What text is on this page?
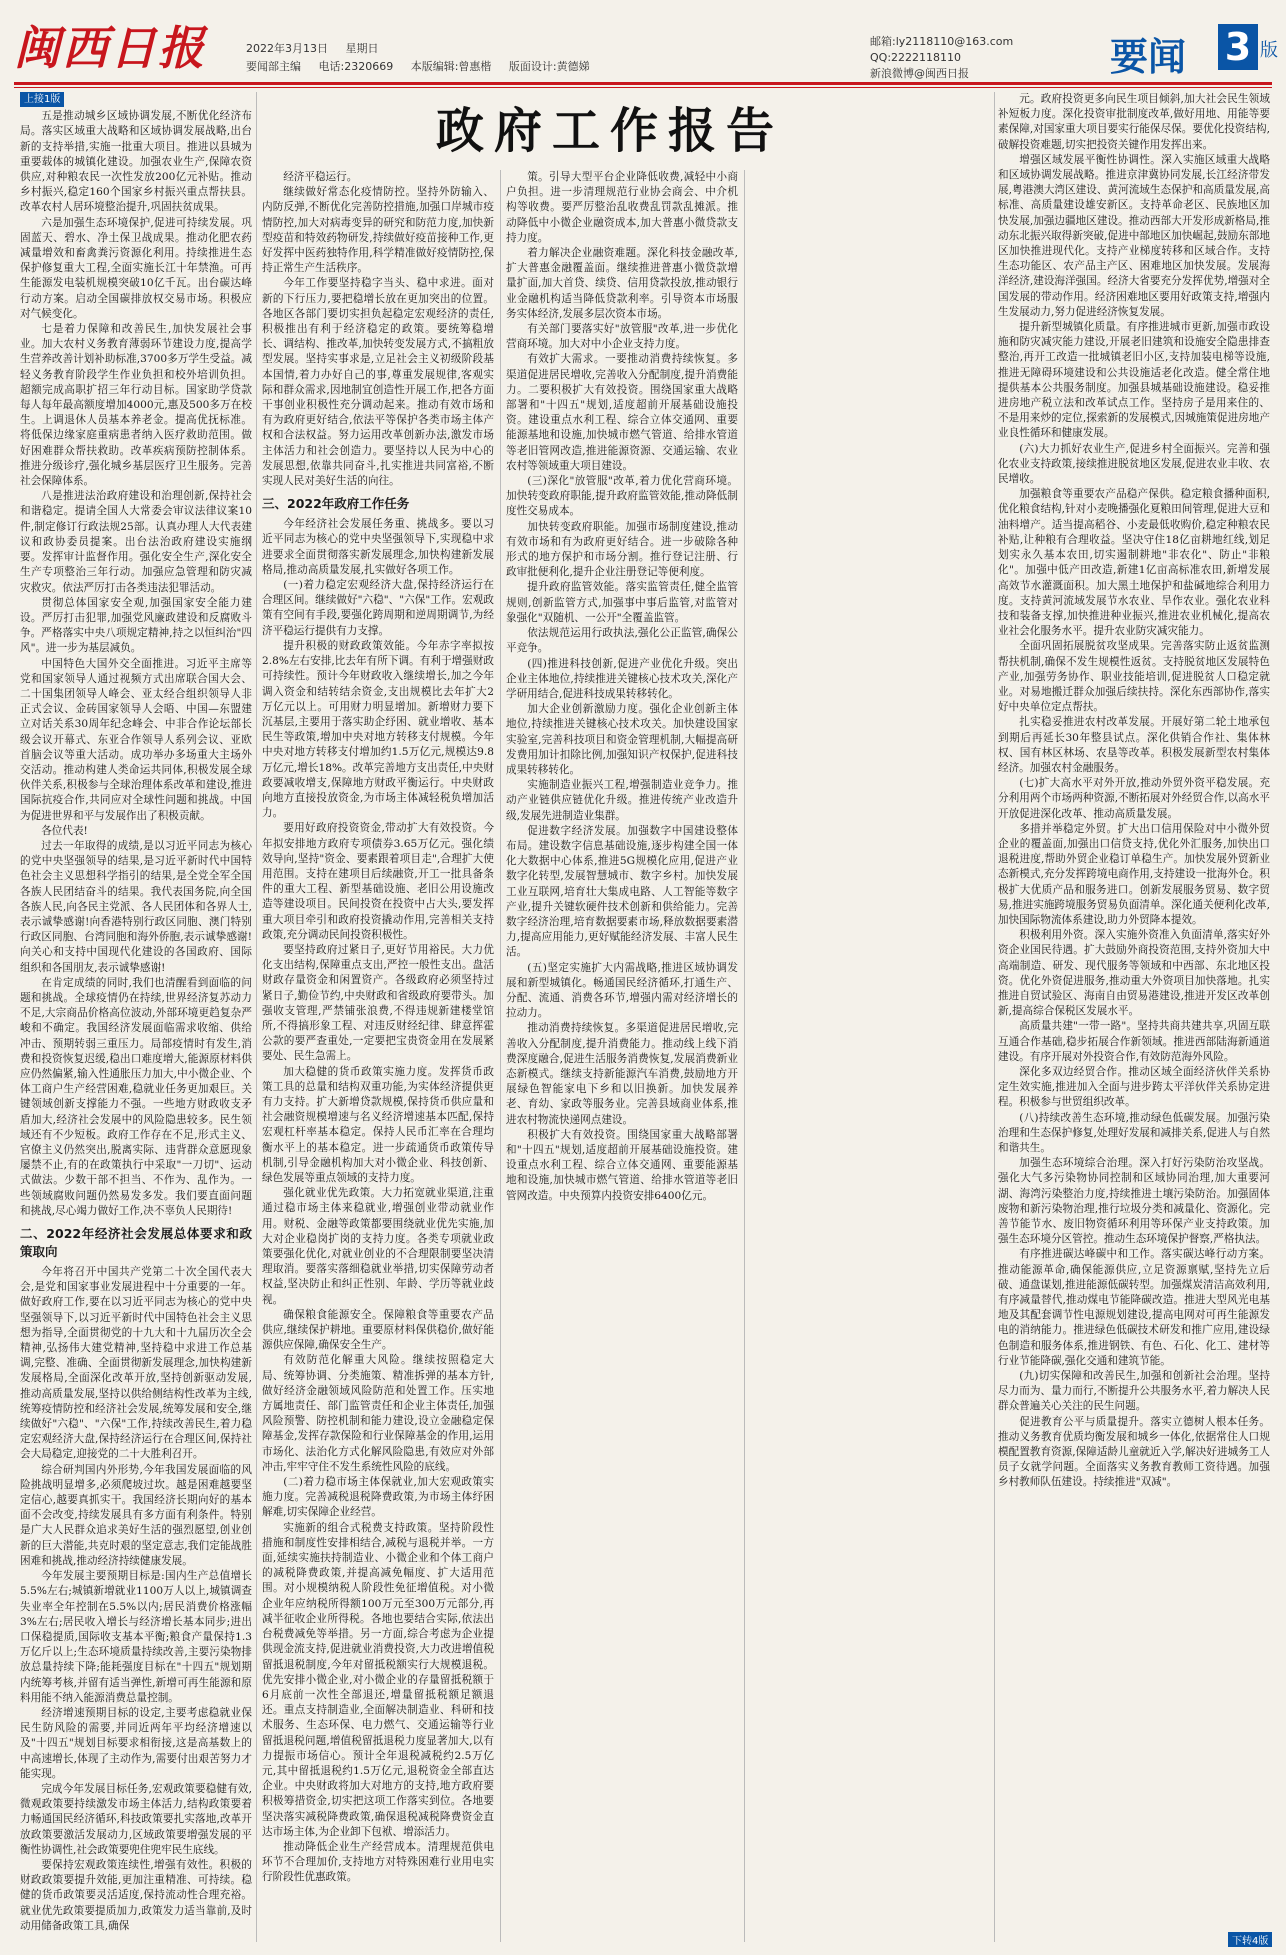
闽西日报	2022年3月13日 星期日
要闻部主编 电话:2320669 本版编辑:曾惠楷 版面设计:黄德娣
邮箱:ly2118110@163.com
QQ:2222118110
新浪微博@闽西日报	要闻 3 版
政府工作报告
上接1版

五是推动城乡区域协调发展,不断优化经济布局。落实区域重大战略和区域协调发展战略,出台新的支持举措,实施一批重大项目。推进以县城为重要载体的城镇化建设。加强农业生产,保障农资供应,对种粮农民一次性发放200亿元补贴。推动乡村振兴,稳定160个国家乡村振兴重点帮扶县。改革农村人居环境整治提升,巩固扶贫成果。

六是加强生态环境保护,促进可持续发展。巩固蓝天、碧水、净土保卫战成果。推动化肥农药减量增效和畜禽粪污资源化利用。持续推进生态保护修复重大工程,全面实施长江十年禁渔。可再生能源发电装机规模突破10亿千瓦。出台碳达峰行动方案。启动全国碳排放权交易市场。积极应对气候变化。

七是着力保障和改善民生,加快发展社会事业。加大农村义务教育薄弱环节建设力度,提高学生营养改善计划补助标准,3700多万学生受益。减轻义务教育阶段学生作业负担和校外培训负担。超额完成高职扩招三年行动目标。国家助学贷款每人每年最高额度增加4000元,惠及500多万在校生。上调退休人员基本养老金。提高优抚标准。将低保边缘家庭重病患者纳入医疗救助范围。做好困难群众帮扶救助。改革疾病预防控制体系。推进分级诊疗,强化城乡基层医疗卫生服务。完善社会保障体系。

八是推进法治政府建设和治理创新,保持社会和谐稳定。提请全国人大常委会审议法律议案10件,制定修订行政法规25部。认真办理人大代表建议和政协委员提案。出台法治政府建设实施纲要。发挥审计监督作用。强化安全生产,深化安全生产专项整治三年行动。加强应急管理和防灾减灾救灾。依法严厉打击各类违法犯罪活动。

贯彻总体国家安全观,加强国家安全能力建设。严厉打击犯罪,加强党风廉政建设和反腐败斗争。严格落实中央八项规定精神,持之以恒纠治"四风"。进一步为基层减负。

中国特色大国外交全面推进。习近平主席等党和国家领导人通过视频方式出席联合国大会、二十国集团领导人峰会、亚太经合组织领导人非正式会议、金砖国家领导人会晤、中国—东盟建立对话关系30周年纪念峰会、中非合作论坛部长级会议开幕式、东亚合作领导人系列会议、亚欧首脑会议等重大活动。成功举办多场重大主场外交活动。推动构建人类命运共同体,积极发展全球伙伴关系,积极参与全球治理体系改革和建设,推进国际抗疫合作,共同应对全球性问题和挑战。中国为促进世界和平与发展作出了积极贡献。

各位代表!

过去一年取得的成绩,是以习近平同志为核心的党中央坚强领导的结果,是习近平新时代中国特色社会主义思想科学指引的结果,是全党全军全国各族人民团结奋斗的结果。我代表国务院,向全国各族人民,向各民主党派、各人民团体和各界人士,表示诚挚感谢!向香港特别行政区同胞、澳门特别行政区同胞、台湾同胞和海外侨胞,表示诚挚感谢!向关心和支持中国现代化建设的各国政府、国际组织和各国朋友,表示诚挚感谢!

在肯定成绩的同时,我们也清醒看到面临的问题和挑战。全球疫情仍在持续,世界经济复苏动力不足,大宗商品价格高位波动,外部环境更趋复杂严峻和不确定。我国经济发展面临需求收缩、供给冲击、预期转弱三重压力。局部疫情时有发生,消费和投资恢复迟缓,稳出口难度增大,能源原材料供应仍然偏紧,输入性通胀压力加大,中小微企业、个体工商户生产经营困难,稳就业任务更加艰巨。关键领域创新支撑能力不强。一些地方财政收支矛盾加大,经济社会发展中的风险隐患较多。民生领域还有不少短板。政府工作存在不足,形式主义、官僚主义仍然突出,脱离实际、违背群众意愿现象屡禁不止,有的在政策执行中采取"一刀切"、运动式做法。少数干部不担当、不作为、乱作为。一些领域腐败问题仍然易发多发。我们要直面问题和挑战,尽心竭力做好工作,决不辜负人民期待!

二、2022年经济社会发展总体要求和政策取向

今年将召开中国共产党第二十次全国代表大会,是党和国家事业发展进程中十分重要的一年。做好政府工作,要在以习近平同志为核心的党中央坚强领导下,以习近平新时代中国特色社会主义思想为指导,全面贯彻党的十九大和十九届历次全会精神,弘扬伟大建党精神,坚持稳中求进工作总基调,完整、准确、全面贯彻新发展理念,加快构建新发展格局,全面深化改革开放,坚持创新驱动发展,推动高质量发展,坚持以供给侧结构性改革为主线,统筹疫情防控和经济社会发展,统筹发展和安全,继续做好"六稳"、"六保"工作,持续改善民生,着力稳定宏观经济大盘,保持经济运行在合理区间,保持社会大局稳定,迎接党的二十大胜利召开。

综合研判国内外形势,今年我国发展面临的风险挑战明显增多,必须爬坡过坎。越是困难越要坚定信心,越要真抓实干。我国经济长期向好的基本面不会改变,持续发展具有多方面有利条件。特别是广大人民群众追求美好生活的强烈愿望,创业创新的巨大潜能,共克时艰的坚定意志,我们定能战胜困难和挑战,推动经济持续健康发展。

今年发展主要预期目标是:国内生产总值增长5.5%左右;城镇新增就业1100万人以上,城镇调查失业率全年控制在5.5%以内;居民消费价格涨幅3%左右;居民收入增长与经济增长基本同步;进出口保稳提质,国际收支基本平衡;粮食产量保持1.3万亿斤以上;生态环境质量持续改善,主要污染物排放总量持续下降;能耗强度目标在"十四五"规划期内统筹考核,并留有适当弹性,新增可再生能源和原料用能不纳入能源消费总量控制。

经济增速预期目标的设定,主要考虑稳就业保民生防风险的需要,并同近两年平均经济增速以及"十四五"规划目标要求相衔接,这是高基数上的中高速增长,体现了主动作为,需要付出艰苦努力才能实现。

完成今年发展目标任务,宏观政策要稳健有效,微观政策要持续激发市场主体活力,结构政策要着力畅通国民经济循环,科技政策要扎实落地,改革开放政策要激活发展动力,区域政策要增强发展的平衡性协调性,社会政策要兜住兜牢民生底线。

要保持宏观政策连续性,增强有效性。积极的财政政策要提升效能,更加注重精准、可持续。稳健的货币政策要灵活适度,保持流动性合理充裕。就业优先政策要提质加力,政策发力适当靠前,及时动用储备政策工具,确保

经济平稳运行。

继续做好常态化疫情防控。坚持外防输入、内防反弹,不断优化完善防控措施,加强口岸城市疫情防控,加大对病毒变异的研究和防范力度,加快新型疫苗和特效药物研发,持续做好疫苗接种工作,更好发挥中医药独特作用,科学精准做好疫情防控,保持正常生产生活秩序。

今年工作要坚持稳字当头、稳中求进。面对新的下行压力,要把稳增长放在更加突出的位置。各地区各部门要切实担负起稳定宏观经济的责任,积极推出有利于经济稳定的政策。要统筹稳增长、调结构、推改革,加快转变发展方式,不搞粗放型发展。坚持实事求是,立足社会主义初级阶段基本国情,着力办好自己的事,尊重发展规律,客观实际和群众需求,因地制宜创造性开展工作,把各方面干事创业积极性充分调动起来。推动有效市场和有为政府更好结合,依法平等保护各类市场主体产权和合法权益。努力运用改革创新办法,激发市场主体活力和社会创造力。要坚持以人民为中心的发展思想,依靠共同奋斗,扎实推进共同富裕,不断实现人民对美好生活的向往。

三、2022年政府工作任务

今年经济社会发展任务重、挑战多。要以习近平同志为核心的党中央坚强领导下,实现稳中求进要求全面贯彻落实新发展理念,加快构建新发展格局,推动高质量发展,扎实做好各项工作。

(一)着力稳定宏观经济大盘,保持经济运行在合理区间。继续做好"六稳"、"六保"工作。宏观政策有空间有手段,要强化跨周期和逆周期调节,为经济平稳运行提供有力支撑。

提升积极的财政政策效能。今年赤字率拟按2.8%左右安排,比去年有所下调。有利于增强财政可持续性。预计今年财政收入继续增长,加之今年调入资金和结转结余资金,支出规模比去年扩大2万亿元以上。可用财力明显增加。新增财力要下沉基层,主要用于落实助企纾困、就业增收、基本民生等政策,增加中央对地方转移支付规模。今年中央对地方转移支付增加约1.5万亿元,规模达9.8万亿元,增长18%。改革完善地方支出责任,中央财政要减收增支,保障地方财政平衡运行。中央财政向地方直接投放资金,为市场主体减轻税负增加活力。

要用好政府投资资金,带动扩大有效投资。今年拟安排地方政府专项债券3.65万亿元。强化绩效导向,坚持"资金、要素跟着项目走",合理扩大使用范围。支持在建项目后续融资,开工一批具备条件的重大工程、新型基础设施、老旧公用设施改造等建设项目。民间投资在投资中占大头,要发挥重大项目牵引和政府投资撬动作用,完善相关支持政策,充分调动民间投资积极性。

要坚持政府过紧日子,更好节用裕民。大力优化支出结构,保障重点支出,严控一般性支出。盘活财政存量资金和闲置资产。各级政府必须坚持过紧日子,勤俭节约,中央财政和省级政府要带头。加强收支管理,严禁铺张浪费,不得违规新建楼堂馆所,不得搞形象工程、对违反财经纪律、肆意挥霍公款的要严查重处,一定要把宝贵资金用在发展紧要处、民生急需上。

加大稳健的货币政策实施力度。发挥货币政策工具的总量和结构双重功能,为实体经济提供更有力支持。扩大新增贷款规模,保持货币供应量和社会融资规模增速与名义经济增速基本匹配,保持宏观杠杆率基本稳定。保持人民币汇率在合理均衡水平上的基本稳定。进一步疏通货币政策传导机制,引导金融机构加大对小微企业、科技创新、绿色发展等重点领域的支持力度。

强化就业优先政策。大力拓宽就业渠道,注重通过稳市场主体来稳就业,增强创业带动就业作用。财税、金融等政策都要围绕就业优先实施,加大对企业稳岗扩岗的支持力度。各类专项就业政策要强化优化,对就业创业的不合理限制要坚决清理取消。要落实落细稳就业举措,切实保障劳动者权益,坚决防止和纠正性别、年龄、学历等就业歧视。

确保粮食能源安全。保障粮食等重要农产品供应,继续保护耕地。重要原材料保供稳价,做好能源供应保障,确保安全生产。

有效防范化解重大风险。继续按照稳定大局、统筹协调、分类施策、精准拆弹的基本方针,做好经济金融领域风险防范和处置工作。压实地方属地责任、部门监管责任和企业主体责任,加强风险预警、防控机制和能力建设,设立金融稳定保障基金,发挥存款保险和行业保障基金的作用,运用市场化、法治化方式化解风险隐患,有效应对外部冲击,牢牢守住不发生系统性风险的底线。

(二)着力稳市场主体保就业,加大宏观政策实施力度。完善减税退税降费政策,为市场主体纾困解难,切实保障企业经营。

实施新的组合式税费支持政策。坚持阶段性措施和制度性安排相结合,减税与退税并举。一方面,延续实施扶持制造业、小微企业和个体工商户的减税降费政策,并提高减免幅度、扩大适用范围。对小规模纳税人阶段性免征增值税。对小微企业年应纳税所得额100万元至300万元部分,再减半征收企业所得税。各地也要结合实际,依法出台税费减免等举措。另一方面,综合考虑为企业提供现金流支持,促进就业消费投资,大力改进增值税留抵退税制度,今年对留抵税额实行大规模退税。优先安排小微企业,对小微企业的存量留抵税额于6月底前一次性全部退还,增量留抵税额足额退还。重点支持制造业,全面解决制造业、科研和技术服务、生态环保、电力燃气、交通运输等行业留抵退税问题,增值税留抵退税力度显著加大,以有力提振市场信心。预计全年退税减税约2.5万亿元,其中留抵退税约1.5万亿元,退税资金全部直达企业。中央财政将加大对地方的支持,地方政府要积极筹措资金,切实把这项工作落实到位。各地要坚决落实减税降费政策,确保退税减税降费资金直达市场主体,为企业卸下包袱、增添活力。

推动降低企业生产经营成本。清理规范供电环节不合理加价,支持地方对特殊困难行业用电实行阶段性优惠政策。

策。引导大型平台企业降低收费,减轻中小商户负担。进一步清理规范行业协会商会、中介机构等收费。要严厉整治乱收费乱罚款乱摊派。推动降低中小微企业融资成本,加大普惠小微贷款支持力度。

着力解决企业融资难题。深化科技金融改革,扩大普惠金融覆盖面。继续推进普惠小微贷款增量扩面,加大首贷、续贷、信用贷款投放,推动银行业金融机构适当降低贷款利率。引导资本市场服务实体经济,发展多层次资本市场。

有关部门要落实好"放管服"改革,进一步优化营商环境。加大对中小企业支持力度。

有效扩大需求。一要推动消费持续恢复。多渠道促进居民增收,完善收入分配制度,提升消费能力。二要积极扩大有效投资。围绕国家重大战略部署和"十四五"规划,适度超前开展基础设施投资。建设重点水利工程、综合立体交通网、重要能源基地和设施,加快城市燃气管道、给排水管道等老旧管网改造,推进能源资源、交通运输、农业农村等领域重大项目建设。

(三)深化"放管服"改革,着力优化营商环境。加快转变政府职能,提升政府监管效能,推动降低制度性交易成本。

加快转变政府职能。加强市场制度建设,推动有效市场和有为政府更好结合。进一步破除各种形式的地方保护和市场分割。推行登记注册、行政审批便利化,提升企业注册登记等便利度。

提升政府监管效能。落实监管责任,健全监管规则,创新监管方式,加强事中事后监管,对监管对象强化"双随机、一公开"全覆盖监管。

依法规范运用行政执法,强化公正监管,确保公平竞争。

(四)推进科技创新,促进产业优化升级。突出企业主体地位,持续推进关键核心技术攻关,深化产学研用结合,促进科技成果转移转化。

加大企业创新激励力度。强化企业创新主体地位,持续推进关键核心技术攻关。加快建设国家实验室,完善科技项目和资金管理机制,大幅提高研发费用加计扣除比例,加强知识产权保护,促进科技成果转移转化。

实施制造业振兴工程,增强制造业竞争力。推动产业链供应链优化升级。推进传统产业改造升级,发展先进制造业集群。

促进数字经济发展。加强数字中国建设整体布局。建设数字信息基础设施,逐步构建全国一体化大数据中心体系,推进5G规模化应用,促进产业数字化转型,发展智慧城市、数字乡村。加快发展工业互联网,培育壮大集成电路、人工智能等数字产业,提升关键软硬件技术创新和供给能力。完善数字经济治理,培育数据要素市场,释放数据要素潜力,提高应用能力,更好赋能经济发展、丰富人民生活。

(五)坚定实施扩大内需战略,推进区域协调发展和新型城镇化。畅通国民经济循环,打通生产、分配、流通、消费各环节,增强内需对经济增长的拉动力。

推动消费持续恢复。多渠道促进居民增收,完善收入分配制度,提升消费能力。推动线上线下消费深度融合,促进生活服务消费恢复,发展消费新业态新模式。继续支持新能源汽车消费,鼓励地方开展绿色智能家电下乡和以旧换新。加快发展养老、育幼、家政等服务业。完善县域商业体系,推进农村物流快递网点建设。

积极扩大有效投资。围绕国家重大战略部署和"十四五"规划,适度超前开展基础设施投资。建设重点水利工程、综合立体交通网、重要能源基地和设施,加快城市燃气管道、给排水管道等老旧管网改造。中央预算内投资安排6400亿元。

元。政府投资更多向民生项目倾斜,加大社会民生领域补短板力度。深化投资审批制度改革,做好用地、用能等要素保障,对国家重大项目要实行能保尽保。要优化投资结构,破解投资难题,切实把投资关键作用发挥出来。

增强区域发展平衡性协调性。深入实施区域重大战略和区域协调发展战略。推进京津冀协同发展,长江经济带发展,粤港澳大湾区建设、黄河流域生态保护和高质量发展,高标准、高质量建设雄安新区。支持革命老区、民族地区加快发展,加强边疆地区建设。推动西部大开发形成新格局,推动东北振兴取得新突破,促进中部地区加快崛起,鼓励东部地区加快推进现代化。支持产业梯度转移和区域合作。支持生态功能区、农产品主产区、困难地区加快发展。发展海洋经济,建设海洋强国。经济大省要充分发挥优势,增强对全国发展的带动作用。经济困难地区要用好政策支持,增强内生发展动力,努力促进经济恢复发展。

提升新型城镇化质量。有序推进城市更新,加强市政设施和防灾减灾能力建设,开展老旧建筑和设施安全隐患排查整治,再开工改造一批城镇老旧小区,支持加装电梯等设施,推进无障碍环境建设和公共设施适老化改造。健全常住地提供基本公共服务制度。加强县城基础设施建设。稳妥推进房地产税立法和改革试点工作。坚持房子是用来住的、不是用来炒的定位,探索新的发展模式,因城施策促进房地产业良性循环和健康发展。

(六)大力抓好农业生产,促进乡村全面振兴。完善和强化农业支持政策,接续推进脱贫地区发展,促进农业丰收、农民增收。

加强粮食等重要农产品稳产保供。稳定粮食播种面积,优化粮食结构,针对小麦晚播强化夏粮田间管理,促进大豆和油料增产。适当提高稻谷、小麦最低收购价,稳定种粮农民补贴,让种粮有合理收益。坚决守住18亿亩耕地红线,划足划实永久基本农田,切实遏制耕地"非农化"、防止"非粮化"。加强中低产田改造,新建1亿亩高标准农田,新增发展高效节水灌溉面积。加大黑土地保护和盐碱地综合利用力度。支持黄河流域发展节水农业、旱作农业。强化农业科技和装备支撑,加快推进种业振兴,推进农业机械化,提高农业社会化服务水平。提升农业防灾减灾能力。

全面巩固拓展脱贫攻坚成果。完善落实防止返贫监测帮扶机制,确保不发生规模性返贫。支持脱贫地区发展特色产业,加强劳务协作、职业技能培训,促进脱贫人口稳定就业。对易地搬迁群众加强后续扶持。深化东西部协作,落实好中央单位定点帮扶。

扎实稳妥推进农村改革发展。开展好第二轮土地承包到期后再延长30年整县试点。深化供销合作社、集体林权、国有林区林场、农垦等改革。积极发展新型农村集体经济。加强农村金融服务。

(七)扩大高水平对外开放,推动外贸外资平稳发展。充分利用两个市场两种资源,不断拓展对外经贸合作,以高水平开放促进深化改革、推动高质量发展。

多措并举稳定外贸。扩大出口信用保险对中小微外贸企业的覆盖面,加强出口信贷支持,优化外汇服务,加快出口退税进度,帮助外贸企业稳订单稳生产。加快发展外贸新业态新模式,充分发挥跨境电商作用,支持建设一批海外仓。积极扩大优质产品和服务进口。创新发展服务贸易、数字贸易,推进实施跨境服务贸易负面清单。深化通关便利化改革,加快国际物流体系建设,助力外贸降本提效。

积极利用外资。深入实施外资准入负面清单,落实好外资企业国民待遇。扩大鼓励外商投资范围,支持外资加大中高端制造、研发、现代服务等领域和中西部、东北地区投资。优化外资促进服务,推动重大外资项目加快落地。扎实推进自贸试验区、海南自由贸易港建设,推进开发区改革创新,提高综合保税区发展水平。

高质量共建"一带一路"。坚持共商共建共享,巩固互联互通合作基础,稳步拓展合作新领域。推进西部陆海新通道建设。有序开展对外投资合作,有效防范海外风险。

深化多双边经贸合作。推动区域全面经济伙伴关系协定生效实施,推进加入全面与进步跨太平洋伙伴关系协定进程。积极参与世贸组织改革。

(八)持续改善生态环境,推动绿色低碳发展。加强污染治理和生态保护修复,处理好发展和减排关系,促进人与自然和谐共生。

加强生态环境综合治理。深入打好污染防治攻坚战。强化大气多污染物协同控制和区域协同治理,加大重要河湖、海湾污染整治力度,持续推进土壤污染防治。加强固体废物和新污染物治理,推行垃圾分类和减量化、资源化。完善节能节水、废旧物资循环利用等环保产业支持政策。加强生态环境分区管控。推动生态环境保护督察,严格执法。

有序推进碳达峰碳中和工作。落实碳达峰行动方案。推动能源革命,确保能源供应,立足资源禀赋,坚持先立后破、通盘谋划,推进能源低碳转型。加强煤炭清洁高效利用,有序减量替代,推动煤电节能降碳改造。推进大型风光电基地及其配套调节性电源规划建设,提高电网对可再生能源发电的消纳能力。推进绿色低碳技术研发和推广应用,建设绿色制造和服务体系,推进钢铁、有色、石化、化工、建材等行业节能降碳,强化交通和建筑节能。

(九)切实保障和改善民生,加强和创新社会治理。坚持尽力而为、量力而行,不断提升公共服务水平,着力解决人民群众普遍关心关注的民生问题。

促进教育公平与质量提升。落实立德树人根本任务。推动义务教育优质均衡发展和城乡一体化,依据常住人口规模配置教育资源,保障适龄儿童就近入学,解决好进城务工人员子女就学问题。全面落实义务教育教师工资待遇。加强乡村教师队伍建设。持续推进"双减"。

下转4版
